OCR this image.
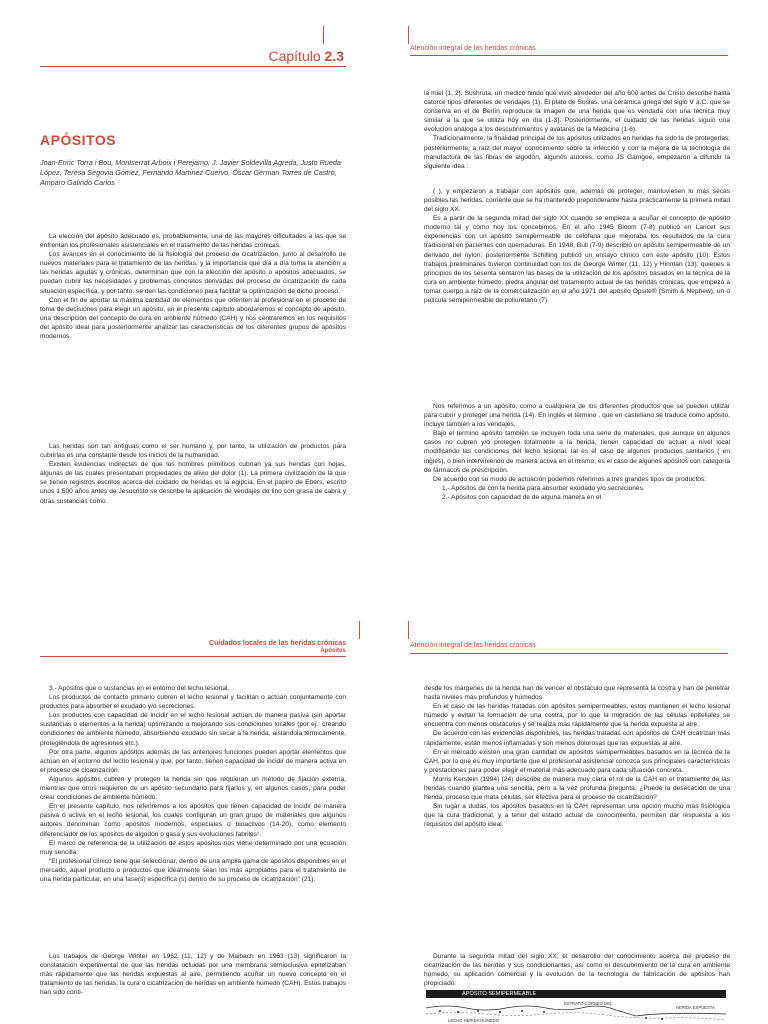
Capítulo 2.3
APÓSITOS
Joan-Enric Torra i Bou, Montserrat Arboix i Perejamo, J. Javier Soldevilla Agreda, Justo Rueda López, Teresa Segovia Gómez, Fernando Martínez Cuervo, Óscar German Torres de Castro, Amparo Galindo Carlos

La elección del apósito adecuado es, probablemente, una de las mayores dificultades a las que se enfrentan los profesionales asistenciales en el tratamiento de las heridas crónicas.

Los avances en el conocimiento de la fisiología del proceso de cicatrización, junto al desarrollo de nuevos materiales para el tratamiento de las heridas, y la importancia que día a día toma la atención a las heridas agudas y crónicas, determinan que con la elección del apósito o apósitos adecuados, se puedan cubrir las necesidades y problemas concretos derivadas del proceso de cicatrización de cada situación específica, y por tanto, se den las condiciones para facilitar la optimización de dicho proceso.

Con el fin de aportar la máxima cantidad de elementos que orienten al profesional en el proceso de toma de decisiones para elegir un apósito, en el presente capítulo abordaremos el concepto de apósito, una descripción del concepto de cura en ambiente húmedo (CAH) y nos centraremos en los requisitos del apósito ideal para posteriormente analizar las características de los diferentes grupos de apósitos modernos.

Las heridas son tan antiguas como el ser humano y, por tanto, la utilización de productos para cubrirlas es una constante desde los inicios de la humanidad.

Existen evidencias indirectas de que los hombres primitivos cubrían ya sus heridas con hojas, algunas de las cuales presentaban propiedades de alivio del dolor (1). La primera civilización de la que se tienen registros escritos acerca del cuidado de heridas es la egipcia. En el papiro de Ebers, escrito unos 1.500 años antes de Jesucristo se describe la aplicación de vendajes de lino con grasa de cabra y otras sustancias como

Atención integral de las heridas crónicas

la miel (1, 2). Sushruta, un medicó hindú que vivió alrededor del año 600 antes de Cristo describe hasta catorce tipos diferentes de vendajes (1). El plato de Sosias, una cerámica griega del siglo V a.C. que se conserva en el de Berlín reproduce la imagen de una herida que es vendada con una técnica muy similar a la que se utiliza hoy en día (1-3). Posteriormente, el cuidado de las heridas siguió una evolución análoga a los descubrimientos y avatares de la Medicina (1-6).

Tradicionalmente, la finalidad principal de los apósitos utilizados en heridas ha sido la de protegerlas; posteriormente, a raíz del mayor conocimiento sobre la infección y con la mejora de la tecnología de manufactura de las fibras de algodón, algunos autores, como JS Gamgee, empezaron a difundir la siguiente idea :

( ), y empezaron a trabajar con apósitos que, además de proteger, mantuviesen lo más secas posibles las heridas, corriente que se ha mantenido preponderante hasta prácticamente la primera mitad del siglo XX.

Es a partir de la segunda mitad del siglo XX cuando se empieza a acuñar el concepto de apósito moderno tal y como hoy los concebimos. En el año 1945 Bloom (7-8) publicó en Lancet sus experiencias con un apósito semipermeable de celofana que mejoraba los resultados de la cura tradicional en pacientes con quemaduras. En 1948, Bull (7-9) describió un apósito semipermeable de un derivado del nylon; posteriormente Schilling publicó un ensayo clínico con este apósito (10). Estos trabajos preliminares tuvieron continuidad con los de George Winter (11, 12) y Hinman (13), quienes a principios de los sesenta sentaron las bases de la utilización de los apósitos basados en la técnica de la cura en ambiente húmedo, piedra angular del tratamiento actual de las heridas crónicas, que empezó a tomar cuerpo a raíz de la comercialización en el año 1971 del apósito Opsite® (Smith & Nephew), un o película semipermeable de poliuretano (7).

Nos referimos a un apósito, como a cualquiera de los diferentes productos que se pueden utilizar para cubrir y proteger una herida (14). En inglés el término , que en castellano se traduce como apósito, incluye también a los vendajes.

Bajo el termino apósito también se incluyen toda una serie de materiales, que aunque en algunos casos no cubren y/o protegen totalmente a la herida, tienen capacidad de actuar a nivel local modificando las condiciones del lecho lesional, tal es el caso de algunos productos sanitarios ( en inglés), o bien interviniendo de manera activa en el mismo, es el caso de algunos apósitos con categoría de fármacos de prescripción.

De acuerdo con su modo de actuación podemos referirnos a tres grandes tipos de productos:

1.- Apósitos de con la herida para absorber exudado y/o secreciones.
2.- Apósitos con capacidad de de alguna manera en el
Cuidados locales de las heridas crónicas
Apósitos

3.- Apósitos que o sustancias en el entorno del lecho lesional.

Los productos de contacto primario cubren el lecho lesional y facilitan o actúan conjuntamente con productos para absorber el exudado y/o secreciones.

Los productos con capacidad de incidir en el lecho lesional actúan de manera pasiva (sin aportar sustancias o elementos a la herida) optimizando o mejorando sus condiciones locales (por ej.: creando condiciones de ambiente húmedo, absorbiendo exudado sin secar a la herida, aislándola térmicamente, protegiéndola de agresiones etc.).

Por otra parte, algunos apósitos además de las anteriores funciones pueden aportar elementos que actúan en el entorno del lecho lesional y que, por tanto, tienen capacidad de incidir de manera activa en el proceso de cicatrización.

Algunos apósitos cubren y protegen la herida sin que requieran un método de fijación externa, mientras que otros requieren de un apósito secundario para fijarlos y, en algunos casos, para poder crear condiciones de ambiente húmedo.

En el presente capítulo, nos referiremos a los apósitos que tienen capacidad de incidir de manera pasiva ó activa en el lecho lesional, los cuales configuran un gran grupo de materiales que algunos autores denominan como apósitos modernos, especiales o bioactivos (14-20), como elemento diferenciador de los apósitos de algodón o gasa y sus evoluciones fabriles¹.

El marco de referencia de la utilización de estos apósitos nos viene determinado por una ecuación muy sencilla:

“El profesional clínico tiene que seleccionar, dentro de una amplia gama de apósitos disponibles en el mercado, aquel producto o productos que idealmente sean los más apropiados para el tratamiento de una herida particular, en una fase(s) específica (s) dentro de su proceso de cicatrización” (21).

Los trabajos de George Winter en 1962 (11, 12) y de Maibach en 1963 (13) significaron la constatación experimental de que las heridas ocluidas por una membrana semioclusiva epitelizaban más rápidamente que las heridas expuestas al aire, permitiendo acuñar un nuevo concepto en el tratamiento de las heridas, la cura o cicatrización de heridas en ambiente húmedo (CAH). Estos trabajos han sido conti-

Atención integral de las heridas crónicas

desde los márgenes de la herida han de vencer el obstáculo que representa la costra y han de penetrar hasta niveles más profundos y húmedos.

En el caso de las heridas tratadas con apósitos semipermeables, estos mantienen el lecho lesional húmedo y evitan la formación de una costra, por lo que la migración de las células epiteliales se encuentra con menos obstáculos y se realiza más rápidamente que la herida expuesta al aire.

De acuerdo con las evidencias disponibles, las heridas tratadas con apósitos de CAH cicatrizan más rápidamente, están menos inflamadas y son menos dolorosas que las expuestas al aire.

En el mercado existen una gran cantidad de apósitos semipermeables basados en la técnica de la CAH, por lo que es muy importante que el profesional asistencial conozca sus principales características y prestaciones para poder elegir el material más adecuado para cada situación concreta.

Morris Kerstein (1994) (24) describe de manera muy clara el rol de la CAH en el tratamiento de las heridas cuando plantea una sencilla, pero a la vez profunda pregunta: ¿Puede la desecación de una herida, proceso que mata células, ser efectiva para el proceso de cicatrización?

Sin lugar a dudas, los apósitos basados en la CAH representan una opción mucho más fisiológica que la cura tradicional, y a tenor del estado actual de conocimiento, permiten dar respuesta a los requisitos del apósito ideal.

Durante la segunda mitad del siglo XX, el desarrollo del conocimiento acerca del proceso de cicatrización de las heridas y sus condicionantes, así como el descubrimiento de la cura en ambiente húmedo, su aplicación comercial y la evolución de la tecnología de fabricación de apósitos han propiciado:

APÓSITO SEMIPERMEABLE
ESTRATO CÓRNEO DEL
HERIDA EXPUESTA
LECHO HERIDA HÚMEDO
